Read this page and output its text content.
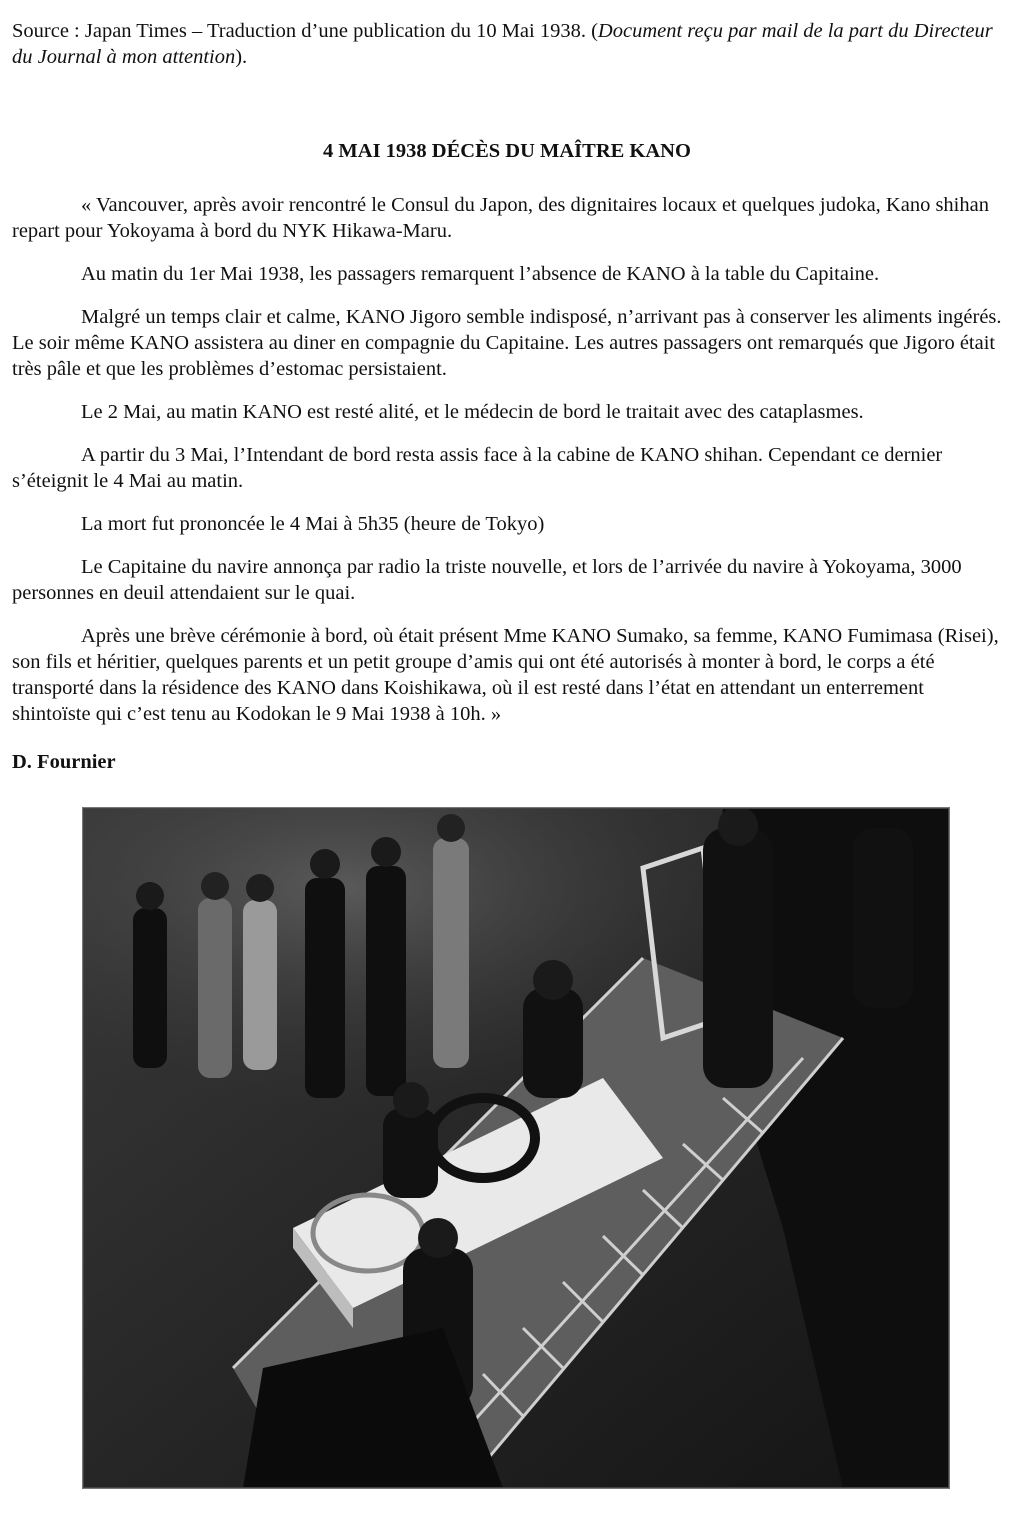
Source : Japan Times – Traduction d’une publication du 10 Mai 1938. (Document reçu par mail de la part du Directeur du Journal à mon attention).

4 MAI 1938 DÉCÈS DU MAÎTRE KANO

« Vancouver, après avoir rencontré le Consul du Japon, des dignitaires locaux et quelques judoka, Kano shihan repart pour Yokoyama à bord du NYK Hikawa-Maru.

Au matin du 1er Mai 1938, les passagers remarquent l’absence de KANO à la table du Capitaine.

Malgré un temps clair et calme, KANO Jigoro semble indisposé, n’arrivant pas à conserver les aliments ingérés. Le soir même KANO assistera au diner en compagnie du Capitaine. Les autres passagers ont remarqués que Jigoro était très pâle et que les problèmes d’estomac persistaient.

Le 2 Mai, au matin KANO est resté alité, et le médecin de bord le traitait avec des cataplasmes.

A partir du 3 Mai, l’Intendant de bord resta assis face à la cabine de KANO shihan. Cependant ce dernier s’éteignit le 4 Mai au matin.

La mort fut prononcée le 4 Mai à 5h35 (heure de Tokyo)

Le Capitaine du navire annonça par radio la triste nouvelle, et lors de l’arrivée du navire à Yokoyama, 3000 personnes en deuil attendaient sur le quai.

Après une brève cérémonie à bord, où était présent Mme KANO Sumako, sa femme, KANO Fumimasa (Risei), son fils et héritier, quelques parents et un petit groupe d’amis qui ont été autorisés à monter à bord, le corps a été transporté dans la résidence des KANO dans Koishikawa, où il est resté dans l’état en attendant un enterrement shintoïste qui c’est tenu au Kodokan le 9 Mai 1938 à 10h. »

D. Fournier
